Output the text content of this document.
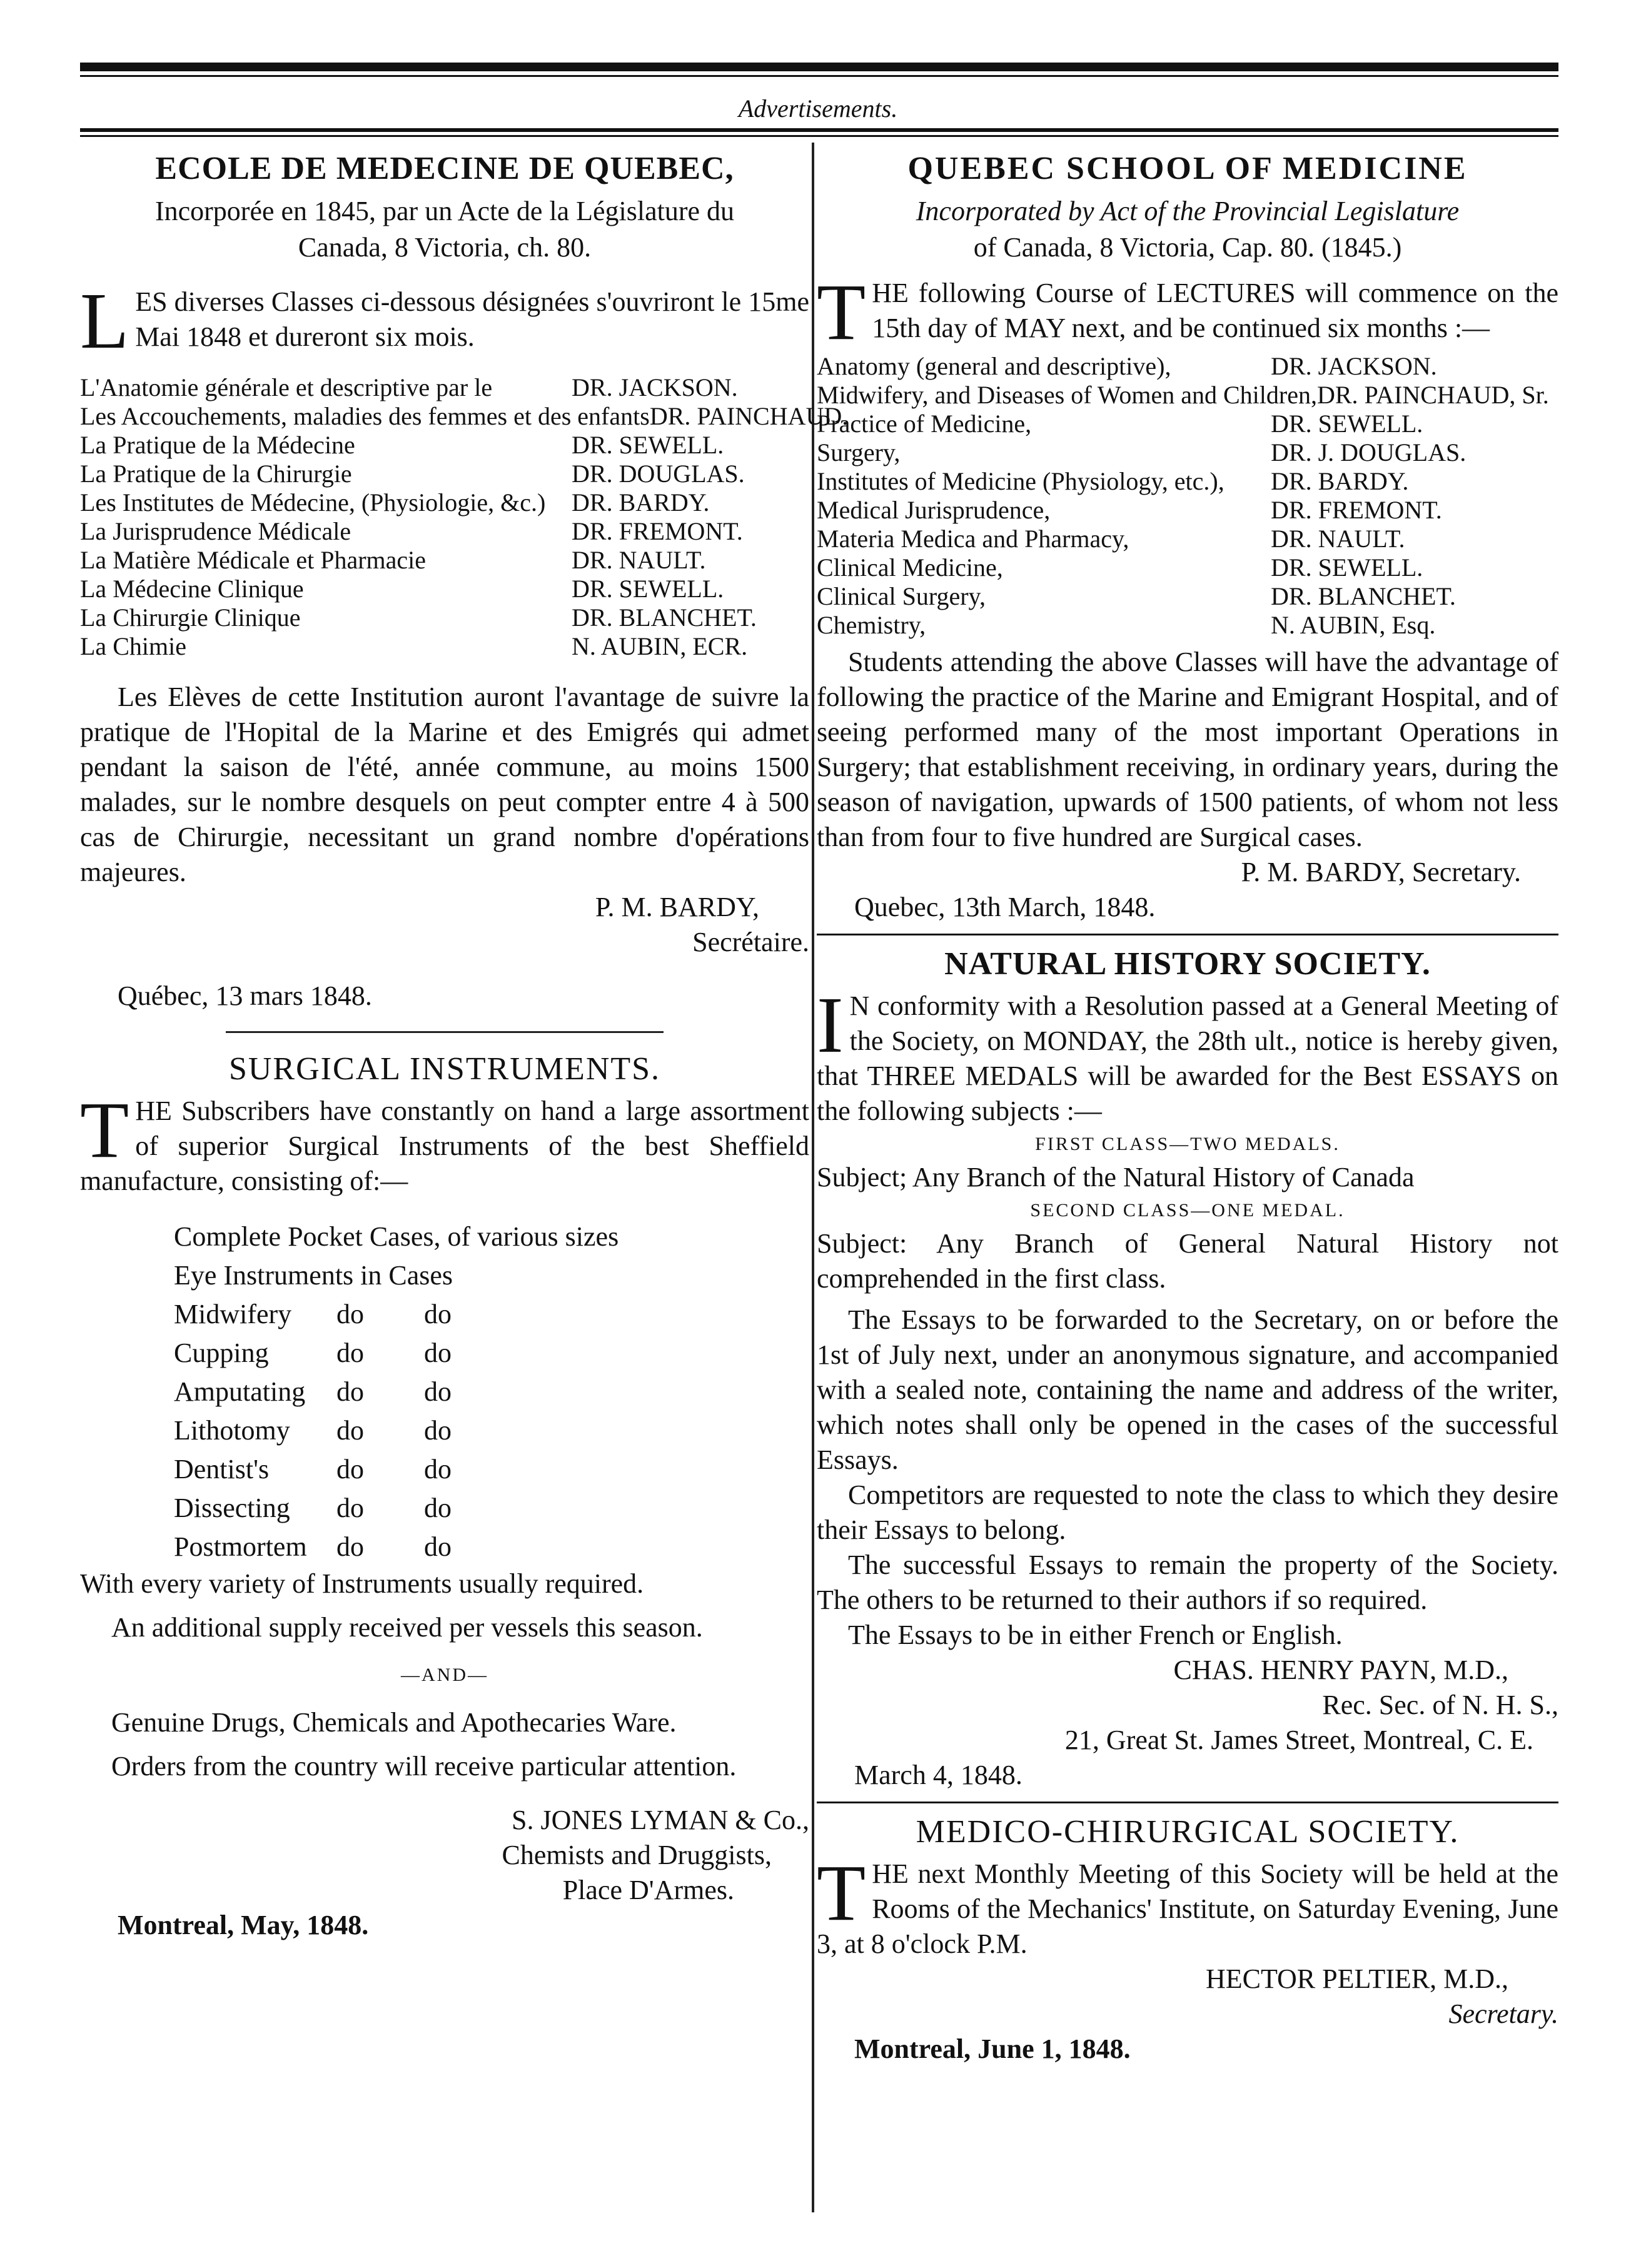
Advertisements.
ECOLE DE MEDECINE DE QUEBEC,
Incorporée en 1845, par un Acte de la Législature du
Canada, 8 Victoria, ch. 80.

LES diverses Classes ci-dessous désignées s'ouvriront le 15me Mai 1848 et dureront six mois.

L'Anatomie générale et descriptive par le	DR. JACKSON.
Les Accouchements, maladies des femmes et des enfants DR. PAINCHAUD.
La Pratique de la Médecine	DR. SEWELL.
La Pratique de la Chirurgie	DR. DOUGLAS.
Les Institutes de Médecine, (Physiologie, &c.)	DR. BARDY.
La Jurisprudence Médicale	DR. FREMONT.
La Matière Médicale et Pharmacie	DR. NAULT.
La Médecine Clinique	DR. SEWELL.
La Chirurgie Clinique	DR. BLANCHET.
La Chimie	N. AUBIN, ECR.

Les Elèves de cette Institution auront l'avantage de suivre la pratique de l'Hopital de la Marine et des Emigrés qui admet pendant la saison de l'été, année commune, au moins 1500 malades, sur le nombre desquels on peut compter entre 4 à 500 cas de Chirurgie, necessitant un grand nombre d'opérations majeures.

P. M. BARDY,
Secrétaire.
Québec, 13 mars 1848.
SURGICAL INSTRUMENTS.

THE Subscribers have constantly on hand a large assortment of superior Surgical Instruments of the best Sheffield manufacture, consisting of:—

Complete Pocket Cases, of various sizes
Eye Instruments in Cases
Midwifery	do	do
Cupping	do	do
Amputating	do	do
Lithotomy	do	do
Dentist's	do	do
Dissecting	do	do
Postmortem	do	do

With every variety of Instruments usually required.

An additional supply received per vessels this season.

—AND—

Genuine Drugs, Chemicals and Apothecaries Ware.

Orders from the country will receive particular attention.

S. JONES LYMAN & Co.,
Chemists and Druggists,
Place D'Armes.
Montreal, May, 1848.
QUEBEC SCHOOL OF MEDICINE
Incorporated by Act of the Provincial Legislature
of Canada, 8 Victoria, Cap. 80. (1845.)

THE following Course of LECTURES will commence on the 15th day of MAY next, and be continued six months :—

Anatomy (general and descriptive),	DR. JACKSON.
Midwifery, and Diseases of Women and Children, DR. PAINCHAUD, Sr.
Practice of Medicine,	DR. SEWELL.
Surgery,	DR. J. DOUGLAS.
Institutes of Medicine (Physiology, etc.),	DR. BARDY.
Medical Jurisprudence,	DR. FREMONT.
Materia Medica and Pharmacy,	DR. NAULT.
Clinical Medicine,	DR. SEWELL.
Clinical Surgery,	DR. BLANCHET.
Chemistry,	N. AUBIN, Esq.

Students attending the above Classes will have the advantage of following the practice of the Marine and Emigrant Hospital, and of seeing performed many of the most important Operations in Surgery; that establishment receiving, in ordinary years, during the season of navigation, upwards of 1500 patients, of whom not less than from four to five hundred are Surgical cases.

P. M. BARDY, Secretary.
Quebec, 13th March, 1848.
NATURAL HISTORY SOCIETY.

I N conformity with a Resolution passed at a General Meeting of the Society, on MONDAY, the 28th ult., notice is hereby given, that THREE MEDALS will be awarded for the Best ESSAYS on the following subjects :—

FIRST CLASS—TWO MEDALS.

Subject; Any Branch of the Natural History of Canada

SECOND CLASS—ONE MEDAL.

Subject: Any Branch of General Natural History not comprehended in the first class.

The Essays to be forwarded to the Secretary, on or before the 1st of July next, under an anonymous signature, and accompanied with a sealed note, containing the name and address of the writer, which notes shall only be opened in the cases of the successful Essays.

Competitors are requested to note the class to which they desire their Essays to belong.

The successful Essays to remain the property of the Society. The others to be returned to their authors if so required.

The Essays to be in either French or English.

CHAS. HENRY PAYN, M.D.,
Rec. Sec. of N. H. S.,
21, Great St. James Street, Montreal, C. E.
March 4, 1848.
MEDICO-CHIRURGICAL SOCIETY.

THE next Monthly Meeting of this Society will be held at the Rooms of the Mechanics' Institute, on Saturday Evening, June 3, at 8 o'clock P.M.

HECTOR PELTIER, M.D.,
Secretary.
Montreal, June 1, 1848.
